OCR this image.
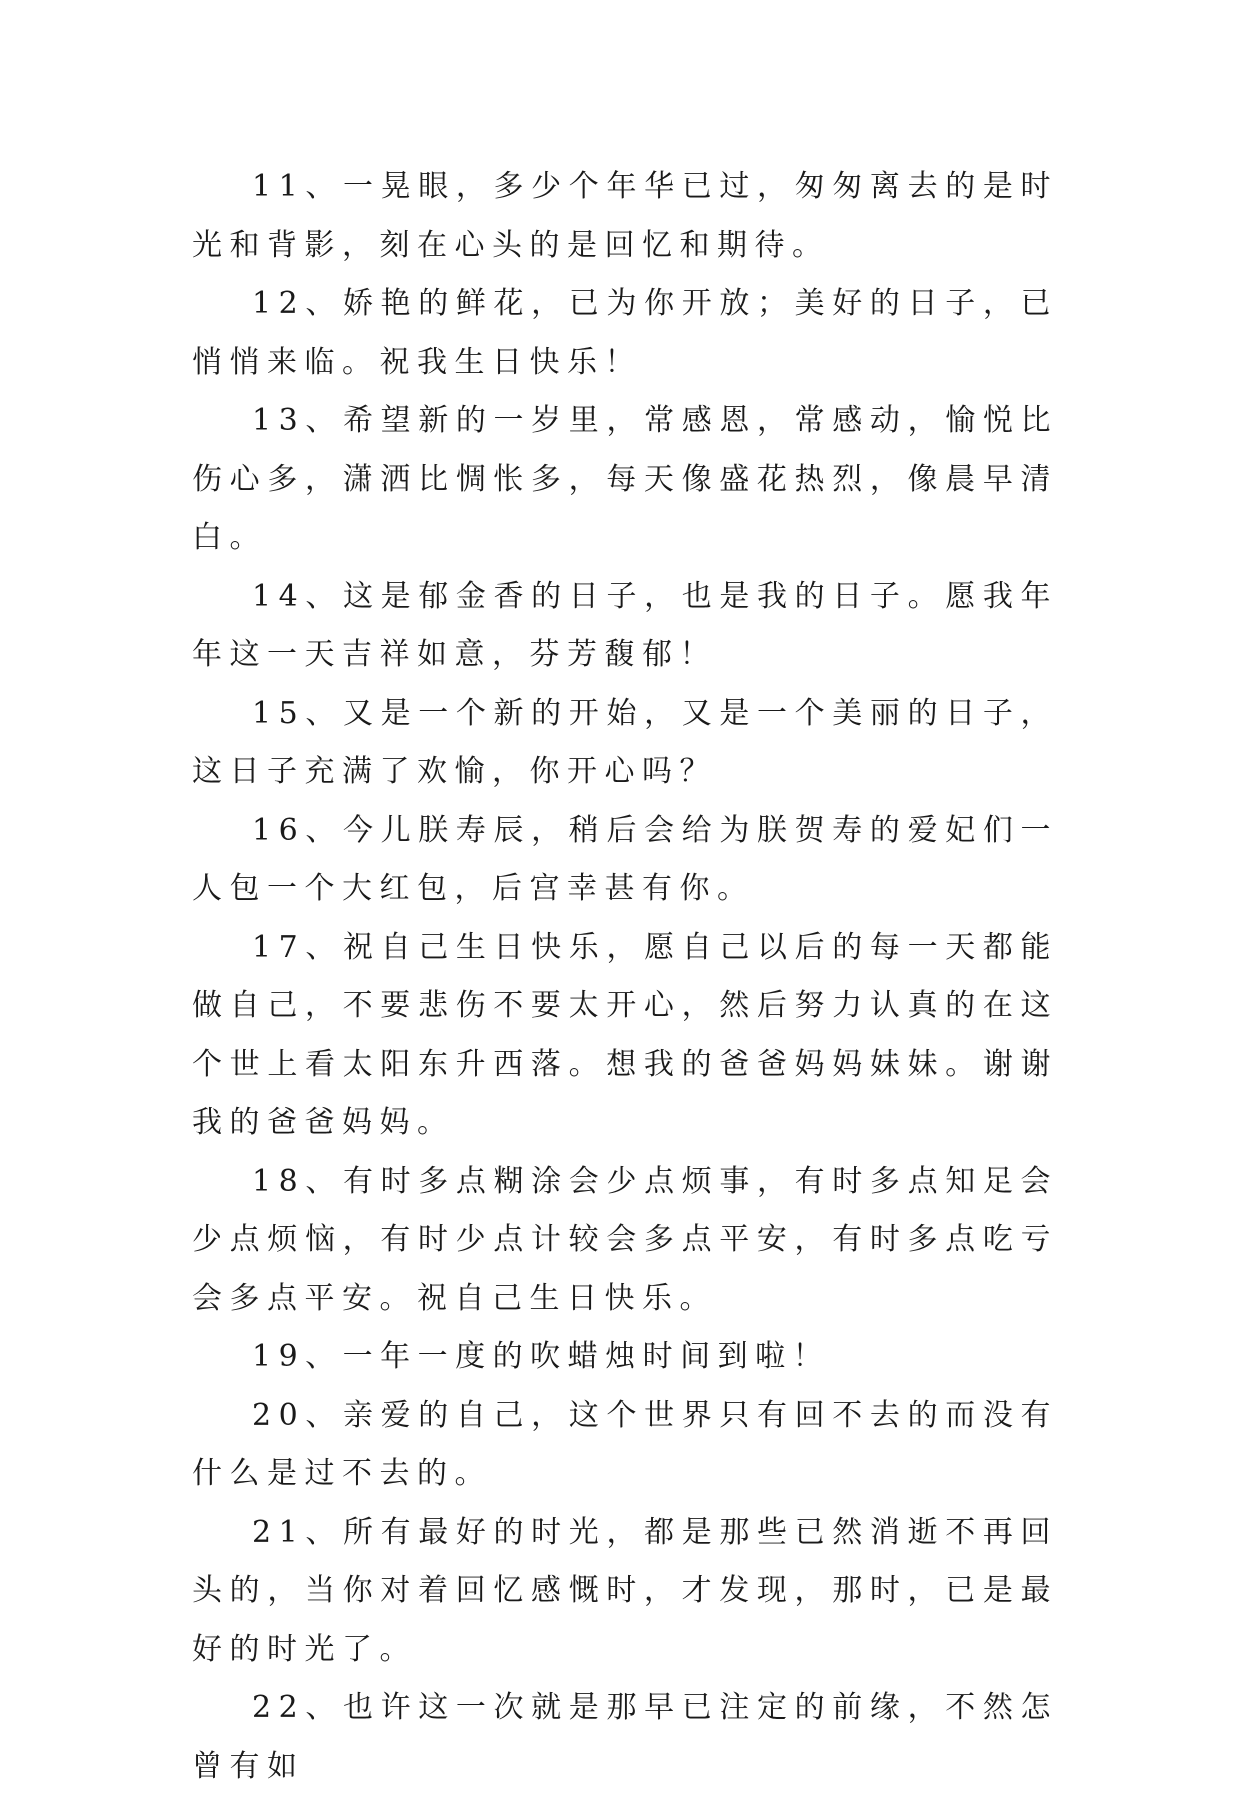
11、一晃眼，多少个年华已过，匆匆离去的是时光和背影，刻在心头的是回忆和期待。

12、娇艳的鲜花，已为你开放；美好的日子，已悄悄来临。祝我生日快乐！

13、希望新的一岁里，常感恩，常感动，愉悦比伤心多，潇洒比惆怅多，每天像盛花热烈，像晨早清白。

14、这是郁金香的日子，也是我的日子。愿我年年这一天吉祥如意，芬芳馥郁！

15、又是一个新的开始，又是一个美丽的日子，这日子充满了欢愉，你开心吗？

16、今儿朕寿辰，稍后会给为朕贺寿的爱妃们一人包一个大红包，后宫幸甚有你。

17、祝自己生日快乐，愿自己以后的每一天都能做自己，不要悲伤不要太开心，然后努力认真的在这个世上看太阳东升西落。想我的爸爸妈妈妹妹。谢谢我的爸爸妈妈。

18、有时多点糊涂会少点烦事，有时多点知足会少点烦恼，有时少点计较会多点平安，有时多点吃亏会多点平安。祝自己生日快乐。

19、一年一度的吹蜡烛时间到啦！

20、亲爱的自己，这个世界只有回不去的而没有什么是过不去的。

21、所有最好的时光，都是那些已然消逝不再回头的，当你对着回忆感慨时，才发现，那时，已是最好的时光了。

22、也许这一次就是那早已注定的前缘，不然怎曾有如
